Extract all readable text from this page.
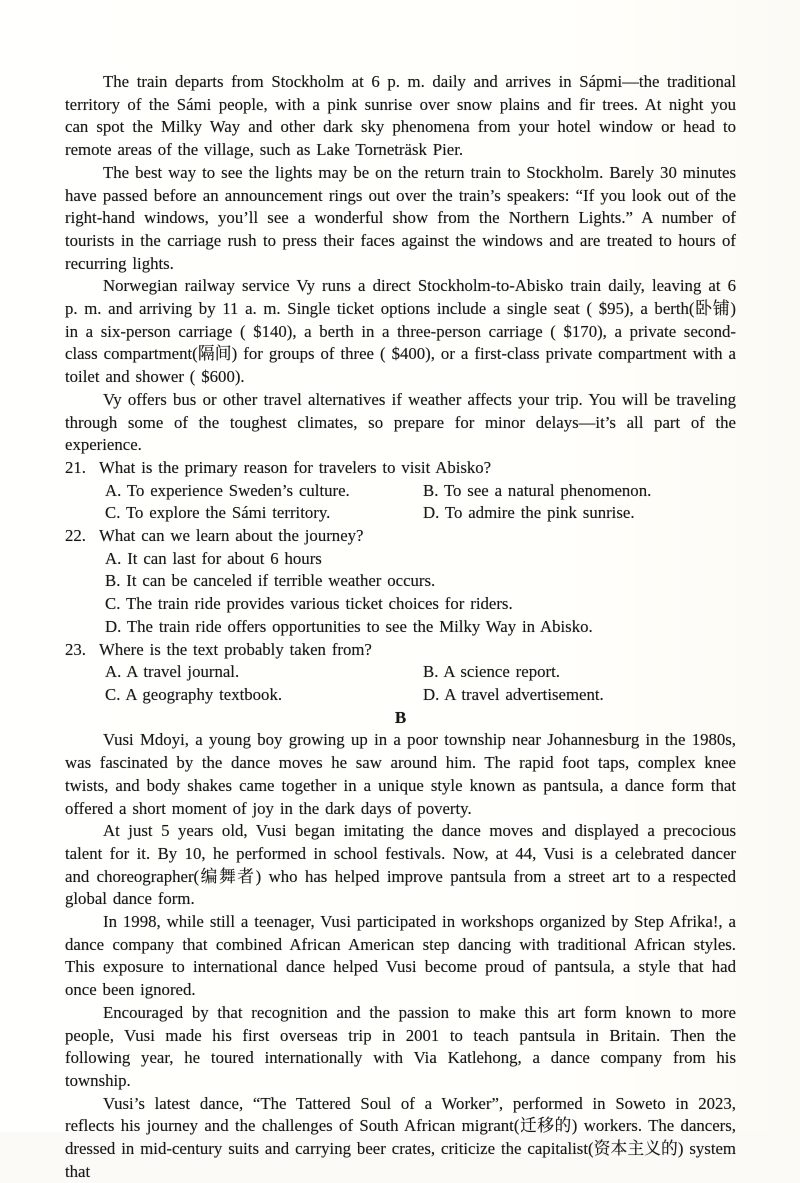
The train departs from Stockholm at 6 p. m. daily and arrives in Sápmi—the traditional territory of the Sámi people, with a pink sunrise over snow plains and fir trees. At night you can spot the Milky Way and other dark sky phenomena from your hotel window or head to remote areas of the village, such as Lake Torneträsk Pier.

The best way to see the lights may be on the return train to Stockholm. Barely 30 minutes have passed before an announcement rings out over the train’s speakers: “If you look out of the right-hand windows, you’ll see a wonderful show from the Northern Lights.” A number of tourists in the carriage rush to press their faces against the windows and are treated to hours of recurring lights.

Norwegian railway service Vy runs a direct Stockholm-to-Abisko train daily, leaving at 6 p. m. and arriving by 11 a. m. Single ticket options include a single seat ( $95), a berth(卧铺) in a six-person carriage ( $140), a berth in a three-person carriage ( $170), a private second-class compartment(隔间) for groups of three ( $400), or a first-class private compartment with a toilet and shower ( $600).

Vy offers bus or other travel alternatives if weather affects your trip. You will be traveling through some of the toughest climates, so prepare for minor delays—it’s all part of the experience.

21. What is the primary reason for travelers to visit Abisko?
A. To experience Sweden’s culture.	B. To see a natural phenomenon.
C. To explore the Sámi territory.	D. To admire the pink sunrise.
22. What can we learn about the journey?
A. It can last for about 6 hours
B. It can be canceled if terrible weather occurs.
C. The train ride provides various ticket choices for riders.
D. The train ride offers opportunities to see the Milky Way in Abisko.
23. Where is the text probably taken from?
A. A travel journal.	B. A science report.
C. A geography textbook.	D. A travel advertisement.
B

Vusi Mdoyi, a young boy growing up in a poor township near Johannesburg in the 1980s, was fascinated by the dance moves he saw around him. The rapid foot taps, complex knee twists, and body shakes came together in a unique style known as pantsula, a dance form that offered a short moment of joy in the dark days of poverty.

At just 5 years old, Vusi began imitating the dance moves and displayed a precocious talent for it. By 10, he performed in school festivals. Now, at 44, Vusi is a celebrated dancer and choreographer(编舞者) who has helped improve pantsula from a street art to a respected global dance form.

In 1998, while still a teenager, Vusi participated in workshops organized by Step Afrika!, a dance company that combined African American step dancing with traditional African styles. This exposure to international dance helped Vusi become proud of pantsula, a style that had once been ignored.

Encouraged by that recognition and the passion to make this art form known to more people, Vusi made his first overseas trip in 2001 to teach pantsula in Britain. Then the following year, he toured internationally with Via Katlehong, a dance company from his township.

Vusi’s latest dance, “The Tattered Soul of a Worker”, performed in Soweto in 2023, reflects his journey and the challenges of South African migrant(迁移的) workers. The dancers, dressed in mid-century suits and carrying beer crates, criticize the capitalist(资本主义的) system that
